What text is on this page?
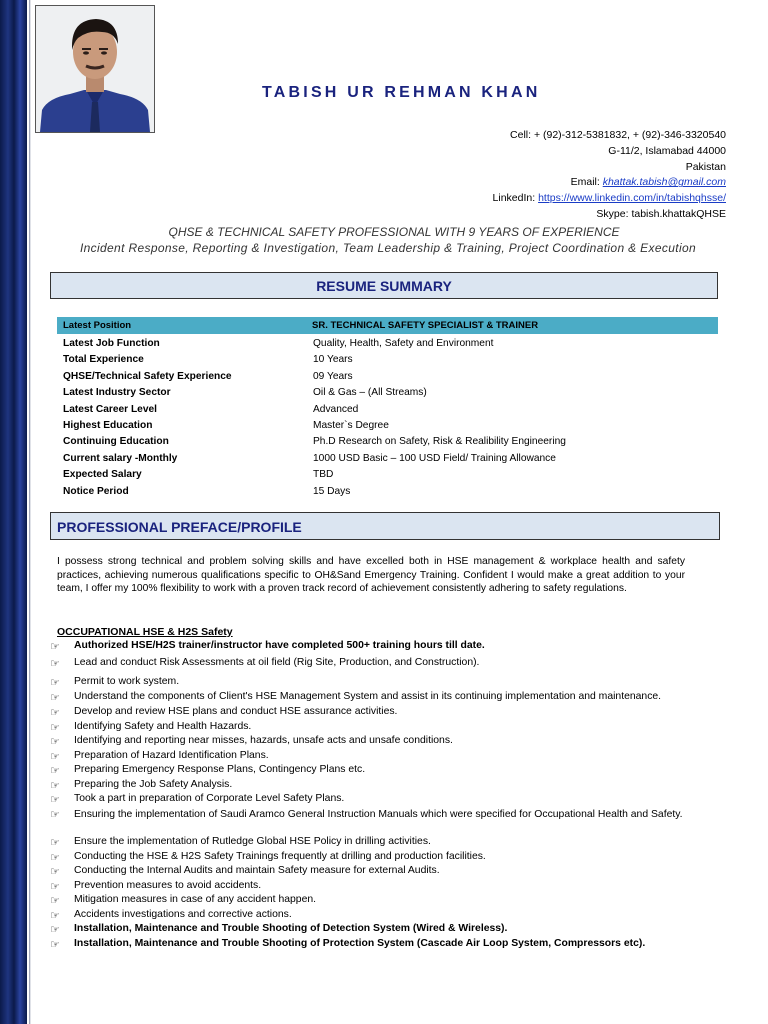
TABISH UR REHMAN KHAN
Cell: + (92)-312-5381832, + (92)-346-3320540
G-11/2, Islamabad 44000
Pakistan
Email: khattak.tabish@gmail.com
LinkedIn: https://www.linkedin.com/in/tabishqhsse/
Skype: tabish.khattakQHSE
QHSE & TECHNICAL SAFETY PROFESSIONAL WITH 9 YEARS OF EXPERIENCE
Incident Response, Reporting & Investigation, Team Leadership & Training, Project Coordination & Execution
RESUME SUMMARY
Latest Position	SR. TECHNICAL SAFETY SPECIALIST & TRAINER
Latest Job Function	Quality, Health, Safety and Environment
Total Experience	10 Years
QHSE/Technical Safety Experience	09 Years
Latest Industry Sector	Oil & Gas – (All Streams)
Latest Career Level	Advanced
Highest Education	Master`s Degree
Continuing Education	Ph.D Research on Safety, Risk & Realibility Engineering
Current salary -Monthly	1000 USD Basic – 100 USD Field/ Training Allowance
Expected Salary	TBD
Notice Period	15 Days
PROFESSIONAL PREFACE/PROFILE
I possess strong technical and problem solving skills and have excelled both in HSE management & workplace health and safety practices, achieving numerous qualifications specific to OH&Sand Emergency Training. Confident I would make a great addition to your team, I offer my 100% flexibility to work with a proven track record of achievement consistently adhering to safety regulations.
OCCUPATIONAL HSE & H2S Safety
☞ Authorized HSE/H2S trainer/instructor have completed 500+ training hours till date.
☞ Lead and conduct Risk Assessments at oil field (Rig Site, Production, and Construction).
☞ Permit to work system.
☞ Understand the components of Client's HSE Management System and assist in its continuing implementation and maintenance.
☞ Develop and review HSE plans and conduct HSE assurance activities.
☞ Identifying Safety and Health Hazards.
☞ Identifying and reporting near misses, hazards, unsafe acts and unsafe conditions.
☞ Preparation of Hazard Identification Plans.
☞ Preparing Emergency Response Plans, Contingency Plans etc.
☞ Preparing the Job Safety Analysis.
☞ Took a part in preparation of Corporate Level Safety Plans.
☞ Ensuring the implementation of Saudi Aramco General Instruction Manuals which were specified for Occupational Health and Safety.
☞ Ensure the implementation of Rutledge Global HSE Policy in drilling activities.
☞ Conducting the HSE & H2S Safety Trainings frequently at drilling and production facilities.
☞ Conducting the Internal Audits and maintain Safety measure for external Audits.
☞ Prevention measures to avoid accidents.
☞ Mitigation measures in case of any accident happen.
☞ Accidents investigations and corrective actions.
☞ Installation, Maintenance and Trouble Shooting of Detection System (Wired & Wireless).
☞ Installation, Maintenance and Trouble Shooting of Protection System (Cascade Air Loop System, Compressors etc).
